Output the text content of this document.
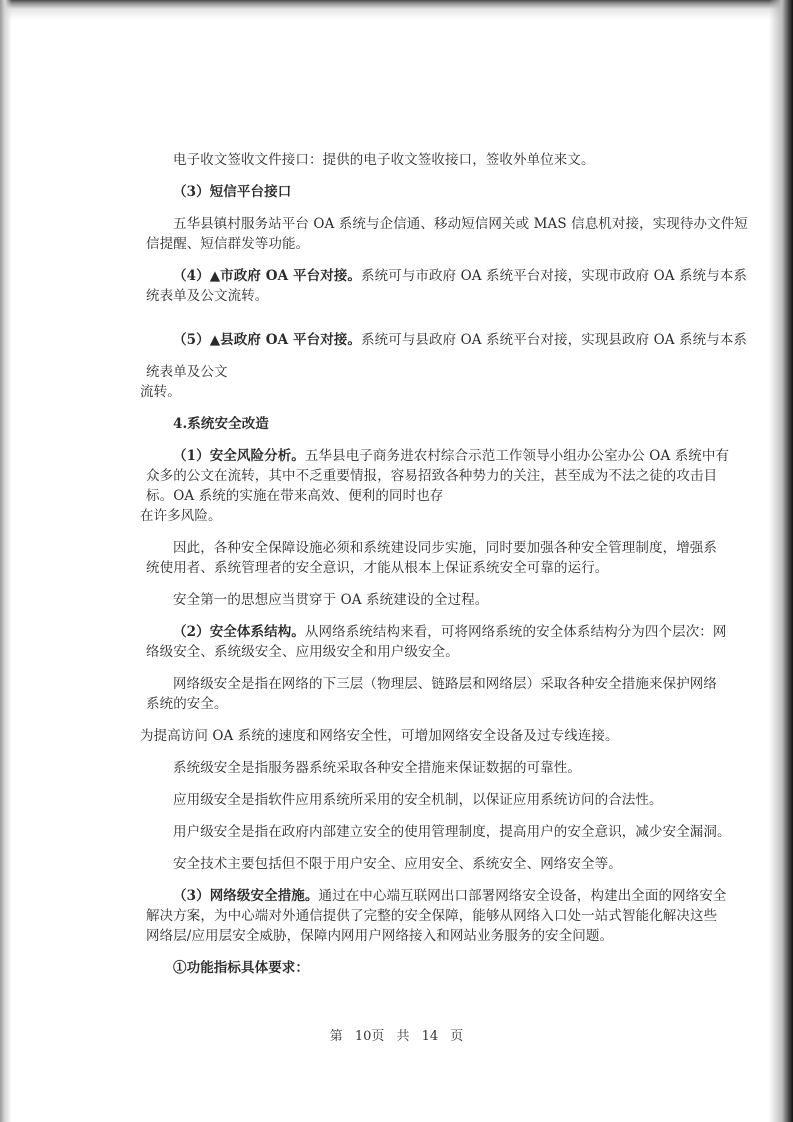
电子收文签收文件接口：提供的电子收文签收接口，签收外单位来文。
（3）短信平台接口
五华县镇村服务站平台 OA 系统与企信通、移动短信网关或 MAS 信息机对接，实现待办文件短
信提醒、短信群发等功能。
（4）▲市政府 OA 平台对接。系统可与市政府 OA 系统平台对接，实现市政府 OA 系统与本系
统表单及公文流转。
（5）▲县政府 OA 平台对接。系统可与县政府 OA 系统平台对接，实现县政府 OA 系统与本系
统表单及公文
流转。
4.系统安全改造
（1）安全风险分析。五华县电子商务进农村综合示范工作领导小组办公室办公 OA 系统中有
众多的公文在流转，其中不乏重要情报，容易招致各种势力的关注，甚至成为不法之徒的攻击目
标。OA 系统的实施在带来高效、便利的同时也存
在许多风险。
因此，各种安全保障设施必须和系统建设同步实施，同时要加强各种安全管理制度，增强系
统使用者、系统管理者的安全意识，才能从根本上保证系统安全可靠的运行。
安全第一的思想应当贯穿于 OA 系统建设的全过程。
（2）安全体系结构。从网络系统结构来看，可将网络系统的安全体系结构分为四个层次：网
络级安全、系统级安全、应用级安全和用户级安全。
网络级安全是指在网络的下三层（物理层、链路层和网络层）采取各种安全措施来保护网络
系统的安全。
为提高访问 OA 系统的速度和网络安全性，可增加网络安全设备及过专线连接。
系统级安全是指服务器系统采取各种安全措施来保证数据的可靠性。
应用级安全是指软件应用系统所采用的安全机制，以保证应用系统访问的合法性。
用户级安全是指在政府内部建立安全的使用管理制度，提高用户的安全意识，减少安全漏洞。
安全技术主要包括但不限于用户安全、应用安全、系统安全、网络安全等。
（3）网络级安全措施。通过在中心端互联网出口部署网络安全设备，构建出全面的网络安全
解决方案，为中心端对外通信提供了完整的安全保障，能够从网络入口处一站式智能化解决这些
网络层/应用层安全威胁，保障内网用户网络接入和网站业务服务的安全问题。
①功能指标具体要求：
第 10页 共 14 页
